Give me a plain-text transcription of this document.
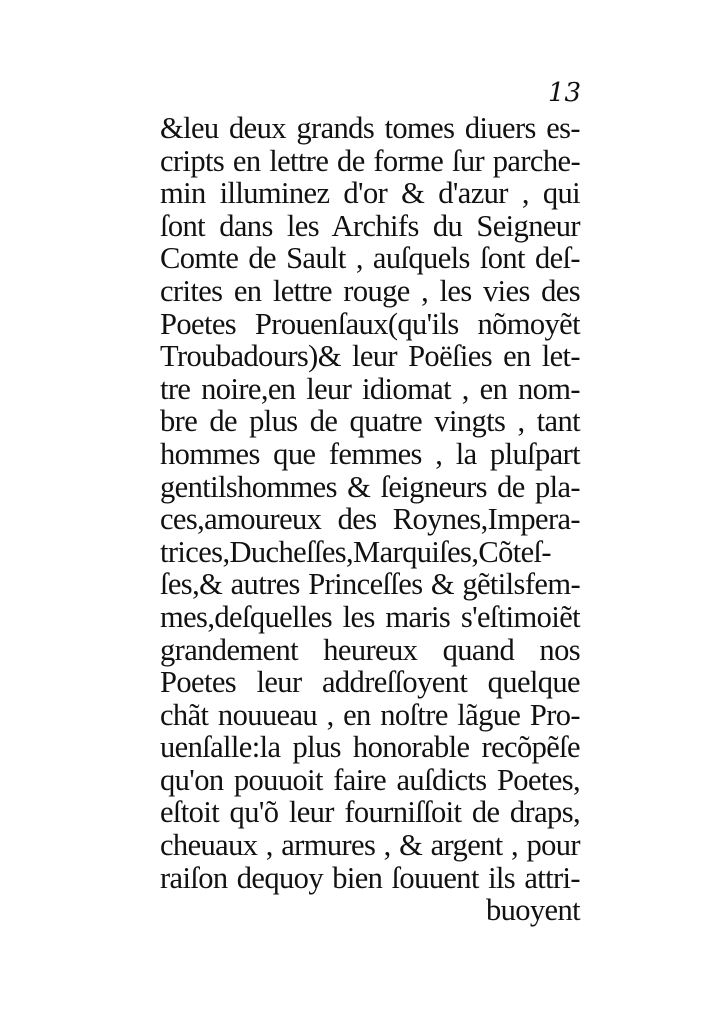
13
&leu deux grands tomes diuers es-
cripts en lettre de forme ſur parche-
min illuminez d'or & d'azur , qui
ſont dans les Archifs du Seigneur
Comte de Sault , auſquels ſont deſ-
crites en lettre rouge , les vies des
Poetes Prouenſaux(qu'ils nõmoyẽt
Troubadours)& leur Poëſies en let-
tre noire,en leur idiomat , en nom-
bre de plus de quatre vingts , tant
hommes que femmes , la pluſpart
gentilshommes & ſeigneurs de pla-
ces,amoureux des Roynes,Impera-
trices,Ducheſſes,Marquiſes,Cõteſ-
ſes,& autres Princeſſes & gẽtilsfem-
mes,deſquelles les maris s'eſtimoiẽt
grandement heureux quand nos
Poetes leur addreſſoyent quelque
chãt nouueau , en noſtre lãgue Pro-
uenſalle:la plus honorable recõpẽſe
qu'on pouuoit faire auſdicts Poetes,
eſtoit qu'õ leur fourniſſoit de draps,
cheuaux , armures , & argent , pour
raiſon dequoy bien ſouuent ils attri-
buoyent
